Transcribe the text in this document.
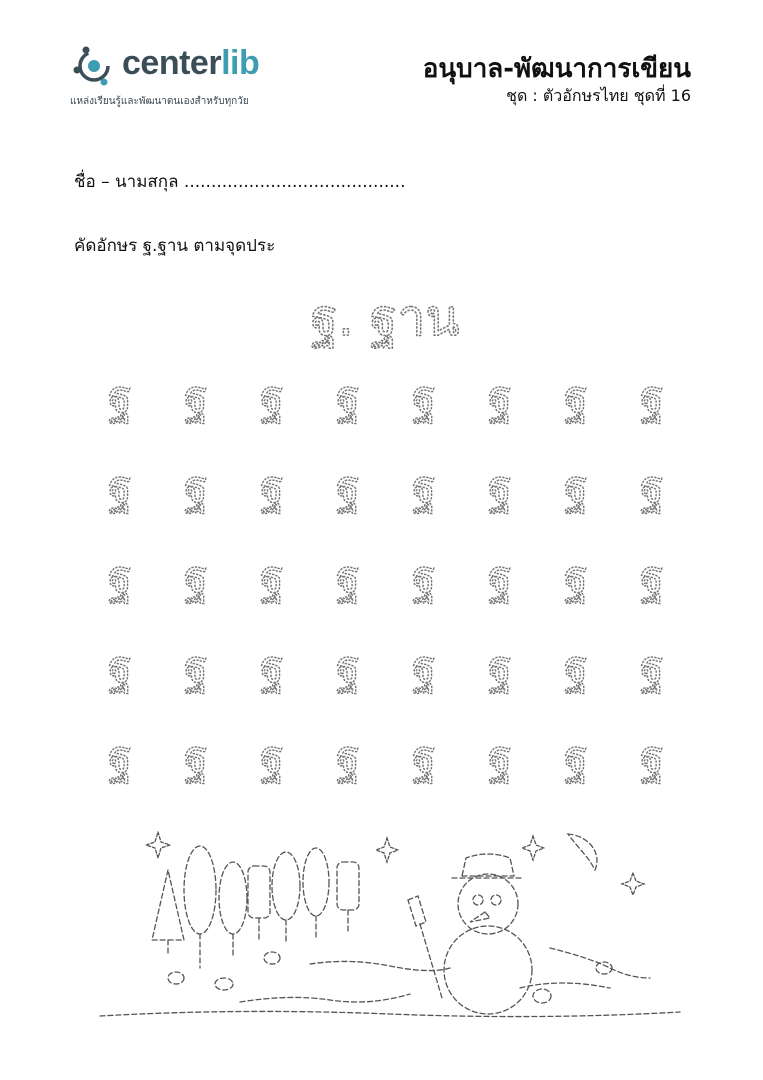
centerlib
แหล่งเรียนรู้และพัฒนาตนเองสำหรับทุกวัย
อนุบาล-พัฒนาการเขียน
ชุด : ตัวอักษรไทย ชุดที่ 16
ชื่อ – นามสกุล .........................................
คัดอักษร ฐ.ฐาน ตามจุดประ
ฐ. ฐาน
ฐ ฐ ฐ ฐ ฐ ฐ ฐ ฐ
ฐ ฐ ฐ ฐ ฐ ฐ ฐ ฐ
ฐ ฐ ฐ ฐ ฐ ฐ ฐ ฐ
ฐ ฐ ฐ ฐ ฐ ฐ ฐ ฐ
ฐ ฐ ฐ ฐ ฐ ฐ ฐ ฐ
